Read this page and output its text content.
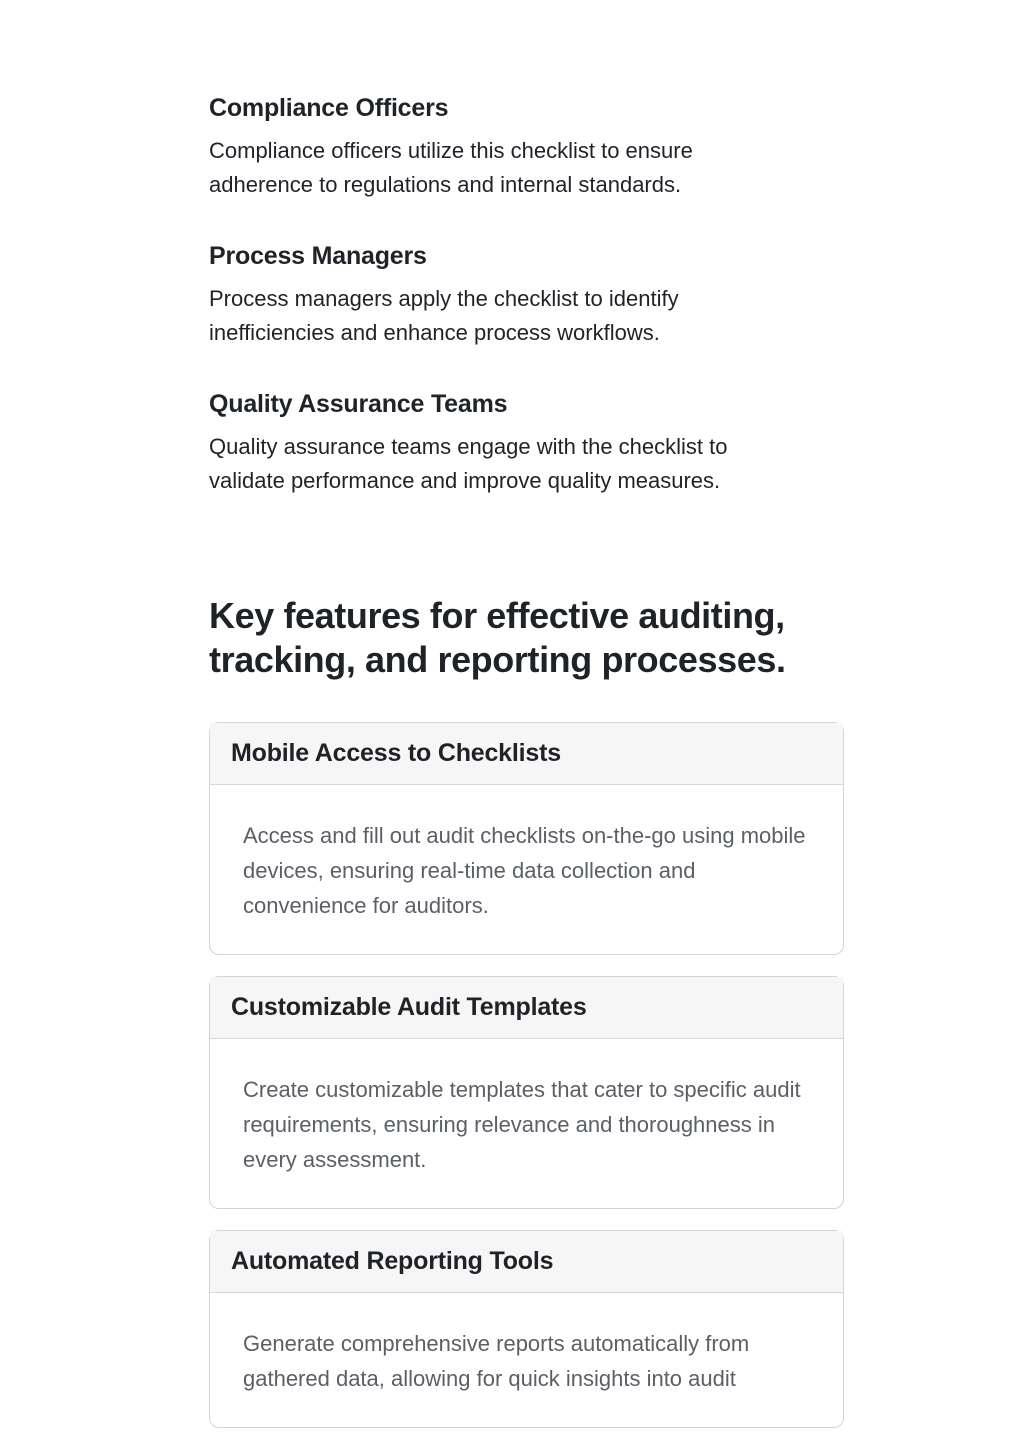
Compliance Officers

Compliance officers utilize this checklist to ensure adherence to regulations and internal standards.

Process Managers

Process managers apply the checklist to identify inefficiencies and enhance process workflows.

Quality Assurance Teams

Quality assurance teams engage with the checklist to validate performance and improve quality measures.

Key features for effective auditing, tracking, and reporting processes.
Mobile Access to Checklists

Access and fill out audit checklists on-the-go using mobile devices, ensuring real-time data collection and convenience for auditors.

Customizable Audit Templates

Create customizable templates that cater to specific audit requirements, ensuring relevance and thoroughness in every assessment.

Automated Reporting Tools

Generate comprehensive reports automatically from gathered data, allowing for quick insights into audit
